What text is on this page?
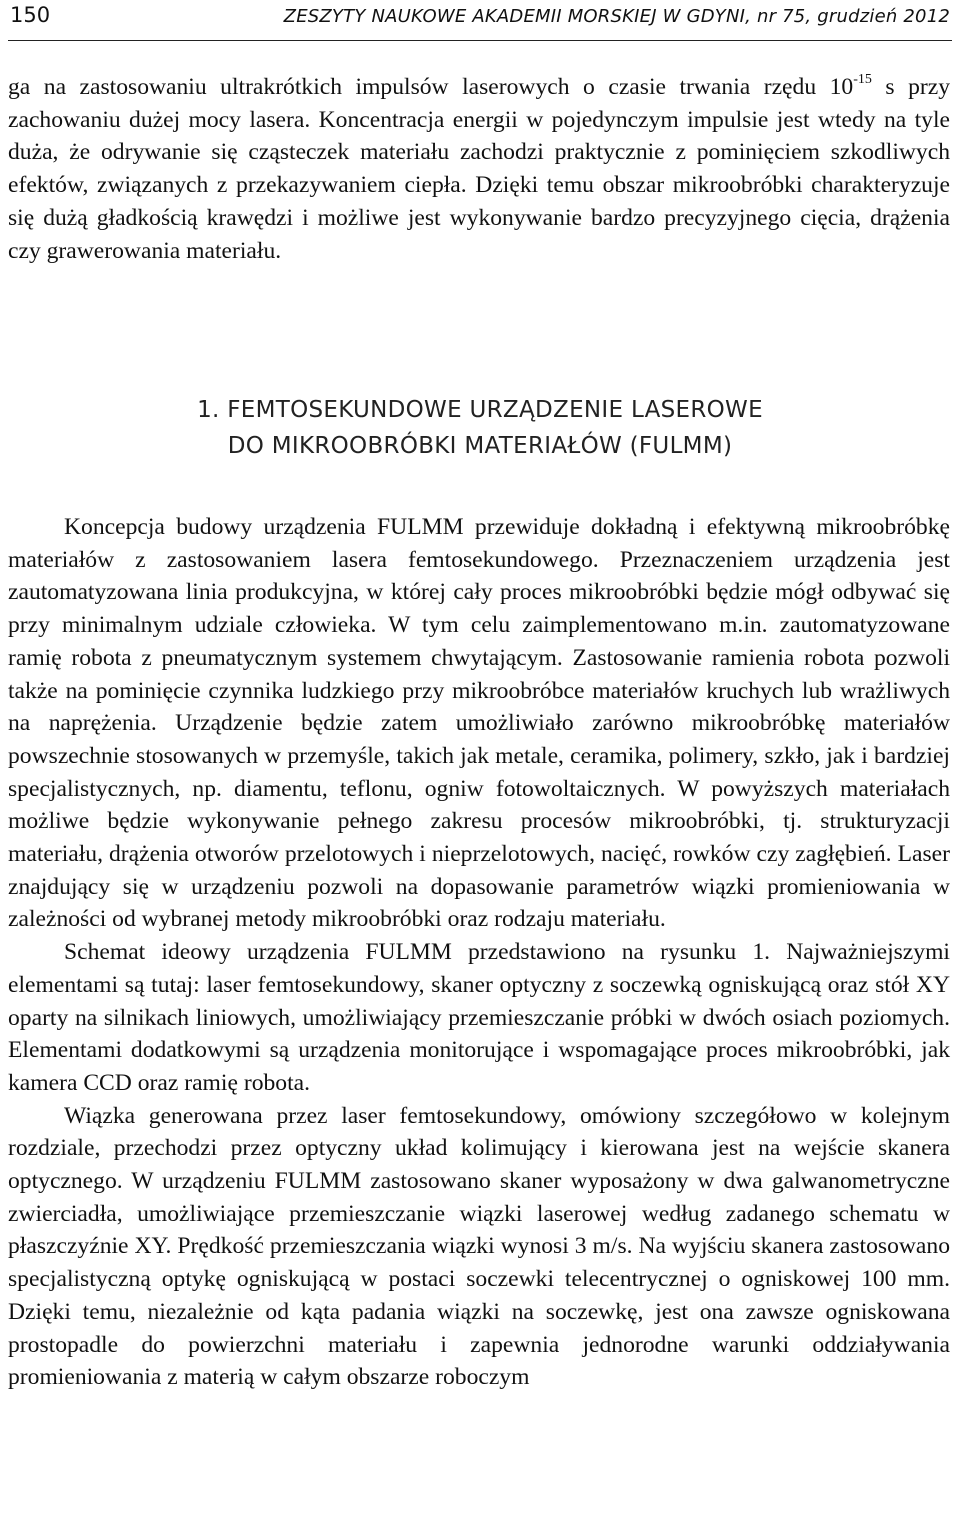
150	ZESZYTY NAUKOWE AKADEMII MORSKIEJ W GDYNI, nr 75, grudzień 2012

ga na zastosowaniu ultrakrótkich impulsów laserowych o czasie trwania rzędu $10^{-15}$ s przy zachowaniu dużej mocy lasera. Koncentracja energii w pojedynczym impulsie jest wtedy na tyle duża, że odrywanie się cząsteczek materiału zachodzi praktycznie z pominięciem szkodliwych efektów, związanych z przekazywaniem ciepła. Dzięki temu obszar mikroobróbki charakteryzuje się dużą gładkością krawędzi i możliwe jest wykonywanie bardzo precyzyjnego cięcia, drążenia czy grawerowania materiału.

1. FEMTOSEKUNDOWE URZĄDZENIE LASEROWE
DO MIKROOBRÓBKI MATERIAŁÓW (FULMM)

Koncepcja budowy urządzenia FULMM przewiduje dokładną i efektywną mikroobróbkę materiałów z zastosowaniem lasera femtosekundowego. Przeznaczeniem urządzenia jest zautomatyzowana linia produkcyjna, w której cały proces mikroobróbki będzie mógł odbywać się przy minimalnym udziale człowieka. W tym celu zaimplementowano m.in. zautomatyzowane ramię robota z pneumatycznym systemem chwytającym. Zastosowanie ramienia robota pozwoli także na pominięcie czynnika ludzkiego przy mikroobróbce materiałów kruchych lub wrażliwych na naprężenia. Urządzenie będzie zatem umożliwiało zarówno mikroobróbkę materiałów powszechnie stosowanych w przemyśle, takich jak metale, ceramika, polimery, szkło, jak i bardziej specjalistycznych, np. diamentu, teflonu, ogniw fotowoltaicznych. W powyższych materiałach możliwe będzie wykonywanie pełnego zakresu procesów mikroobróbki, tj. strukturyzacji materiału, drążenia otworów przelotowych i nieprzelotowych, nacięć, rowków czy zagłębień. Laser znajdujący się w urządzeniu pozwoli na dopasowanie parametrów wiązki promieniowania w zależności od wybranej metody mikroobróbki oraz rodzaju materiału.

Schemat ideowy urządzenia FULMM przedstawiono na rysunku 1. Najważniejszymi elementami są tutaj: laser femtosekundowy, skaner optyczny z soczewką ogniskującą oraz stół XY oparty na silnikach liniowych, umożliwiający przemieszczanie próbki w dwóch osiach poziomych. Elementami dodatkowymi są urządzenia monitorujące i wspomagające proces mikroobróbki, jak kamera CCD oraz ramię robota.

Wiązka generowana przez laser femtosekundowy, omówiony szczegółowo w kolejnym rozdziale, przechodzi przez optyczny układ kolimujący i kierowana jest na wejście skanera optycznego. W urządzeniu FULMM zastosowano skaner wyposażony w dwa galwanometryczne zwierciadła, umożliwiające przemieszczanie wiązki laserowej według zadanego schematu w płaszczyźnie XY. Prędkość przemieszczania wiązki wynosi 3 m/s. Na wyjściu skanera zastosowano specjalistyczną optykę ogniskującą w postaci soczewki telecentrycznej o ogniskowej 100 mm. Dzięki temu, niezależnie od kąta padania wiązki na soczewkę, jest ona zawsze ogniskowana prostopadle do powierzchni materiału i zapewnia jednorodne warunki oddziaływania promieniowania z materią w całym obszarze roboczym
